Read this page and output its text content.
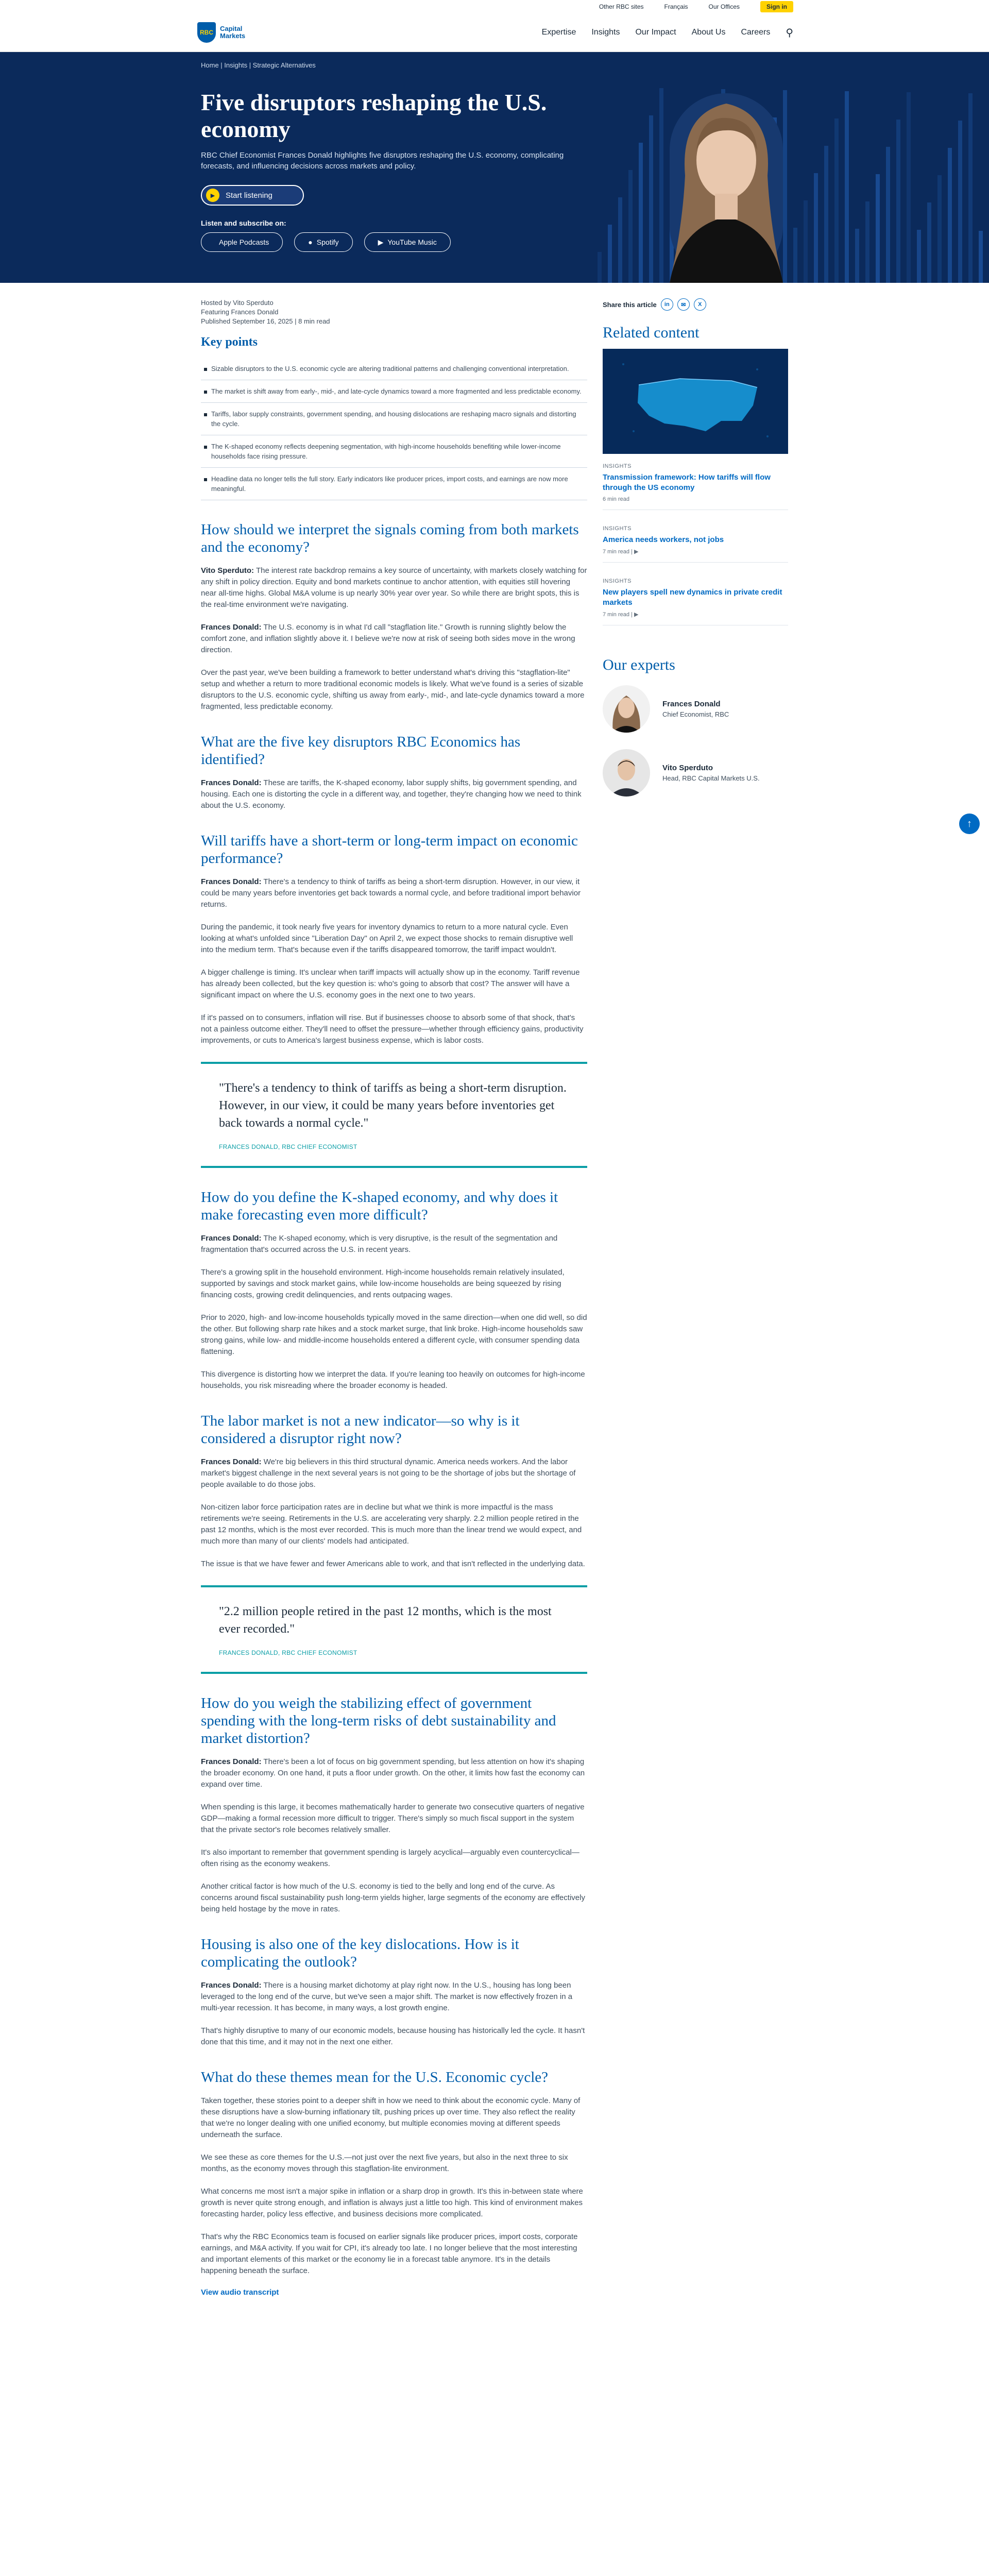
Other RBC sites	Français	Our Offices	Sign in
RBC	Capital Markets	Expertise Insights Our Impact About Us Careers ⚲
Home | Insights | Strategic Alternatives
Five disruptors reshaping the U.S. economy

RBC Chief Economist Frances Donald highlights five disruptors reshaping the U.S. economy, complicating forecasts, and influencing decisions across markets and policy.

▶	Start listening
Listen and subscribe on:
Apple Podcasts	● Spotify	▶ YouTube Music
Hosted by Vito Sperduto
Featuring Frances Donald
Published September 16, 2025 | 8 min read
Key points
Sizable disruptors to the U.S. economic cycle are altering traditional patterns and challenging conventional interpretation.
The market is shift away from early-, mid-, and late-cycle dynamics toward a more fragmented and less predictable economy.
Tariffs, labor supply constraints, government spending, and housing dislocations are reshaping macro signals and distorting the cycle.
The K-shaped economy reflects deepening segmentation, with high-income households benefiting while lower-income households face rising pressure.
Headline data no longer tells the full story. Early indicators like producer prices, import costs, and earnings are now more meaningful.
How should we interpret the signals coming from both markets and the economy?

Vito Sperduto: The interest rate backdrop remains a key source of uncertainty, with markets closely watching for any shift in policy direction. Equity and bond markets continue to anchor attention, with equities still hovering near all-time highs. Global M&A volume is up nearly 30% year over year. So while there are bright spots, this is the real-time environment we're navigating.

Frances Donald: The U.S. economy is in what I'd call "stagflation lite." Growth is running slightly below the comfort zone, and inflation slightly above it. I believe we're now at risk of seeing both sides move in the wrong direction.

Over the past year, we've been building a framework to better understand what's driving this "stagflation-lite" setup and whether a return to more traditional economic models is likely. What we've found is a series of sizable disruptors to the U.S. economic cycle, shifting us away from early-, mid-, and late-cycle dynamics toward a more fragmented, less predictable economy.

What are the five key disruptors RBC Economics has identified?

Frances Donald: These are tariffs, the K-shaped economy, labor supply shifts, big government spending, and housing. Each one is distorting the cycle in a different way, and together, they're changing how we need to think about the U.S. economy.

Will tariffs have a short-term or long-term impact on economic performance?

Frances Donald: There's a tendency to think of tariffs as being a short-term disruption. However, in our view, it could be many years before inventories get back towards a normal cycle, and before traditional import behavior returns.

During the pandemic, it took nearly five years for inventory dynamics to return to a more natural cycle. Even looking at what's unfolded since "Liberation Day" on April 2, we expect those shocks to remain disruptive well into the medium term. That's because even if the tariffs disappeared tomorrow, the tariff impact wouldn't.

A bigger challenge is timing. It's unclear when tariff impacts will actually show up in the economy. Tariff revenue has already been collected, but the key question is: who's going to absorb that cost? The answer will have a significant impact on where the U.S. economy goes in the next one to two years.

If it's passed on to consumers, inflation will rise. But if businesses choose to absorb some of that shock, that's not a painless outcome either. They'll need to offset the pressure—whether through efficiency gains, productivity improvements, or cuts to America's largest business expense, which is labor costs.

"There's a tendency to think of tariffs as being a short-term disruption. However, in our view, it could be many years before inventories get back towards a normal cycle."
FRANCES DONALD, RBC CHIEF ECONOMIST
How do you define the K-shaped economy, and why does it make forecasting even more difficult?

Frances Donald: The K-shaped economy, which is very disruptive, is the result of the segmentation and fragmentation that's occurred across the U.S. in recent years.

There's a growing split in the household environment. High-income households remain relatively insulated, supported by savings and stock market gains, while low-income households are being squeezed by rising financing costs, growing credit delinquencies, and rents outpacing wages.

Prior to 2020, high- and low-income households typically moved in the same direction—when one did well, so did the other. But following sharp rate hikes and a stock market surge, that link broke. High-income households saw strong gains, while low- and middle-income households entered a different cycle, with consumer spending data flattening.

This divergence is distorting how we interpret the data. If you're leaning too heavily on outcomes for high-income households, you risk misreading where the broader economy is headed.

The labor market is not a new indicator—so why is it considered a disruptor right now?

Frances Donald: We're big believers in this third structural dynamic. America needs workers. And the labor market's biggest challenge in the next several years is not going to be the shortage of jobs but the shortage of people available to do those jobs.

Non-citizen labor force participation rates are in decline but what we think is more impactful is the mass retirements we're seeing. Retirements in the U.S. are accelerating very sharply. 2.2 million people retired in the past 12 months, which is the most ever recorded. This is much more than the linear trend we would expect, and much more than many of our clients' models had anticipated.

The issue is that we have fewer and fewer Americans able to work, and that isn't reflected in the underlying data.

"2.2 million people retired in the past 12 months, which is the most ever recorded."
FRANCES DONALD, RBC CHIEF ECONOMIST
How do you weigh the stabilizing effect of government spending with the long-term risks of debt sustainability and market distortion?

Frances Donald: There's been a lot of focus on big government spending, but less attention on how it's shaping the broader economy. On one hand, it puts a floor under growth. On the other, it limits how fast the economy can expand over time.

When spending is this large, it becomes mathematically harder to generate two consecutive quarters of negative GDP—making a formal recession more difficult to trigger. There's simply so much fiscal support in the system that the private sector's role becomes relatively smaller.

It's also important to remember that government spending is largely acyclical—arguably even countercyclical—often rising as the economy weakens.

Another critical factor is how much of the U.S. economy is tied to the belly and long end of the curve. As concerns around fiscal sustainability push long-term yields higher, large segments of the economy are effectively being held hostage by the move in rates.

Housing is also one of the key dislocations. How is it complicating the outlook?

Frances Donald: There is a housing market dichotomy at play right now. In the U.S., housing has long been leveraged to the long end of the curve, but we've seen a major shift. The market is now effectively frozen in a multi-year recession. It has become, in many ways, a lost growth engine.

That's highly disruptive to many of our economic models, because housing has historically led the cycle. It hasn't done that this time, and it may not in the next one either.

What do these themes mean for the U.S. Economic cycle?

Taken together, these stories point to a deeper shift in how we need to think about the economic cycle. Many of these disruptions have a slow-burning inflationary tilt, pushing prices up over time. They also reflect the reality that we're no longer dealing with one unified economy, but multiple economies moving at different speeds underneath the surface.

We see these as core themes for the U.S.—not just over the next five years, but also in the next three to six months, as the economy moves through this stagflation-lite environment.

What concerns me most isn't a major spike in inflation or a sharp drop in growth. It's this in-between state where growth is never quite strong enough, and inflation is always just a little too high. This kind of environment makes forecasting harder, policy less effective, and business decisions more complicated.

That's why the RBC Economics team is focused on earlier signals like producer prices, import costs, corporate earnings, and M&A activity. If you wait for CPI, it's already too late. I no longer believe that the most interesting and important elements of this market or the economy lie in a forecast table anymore. It's in the details happening beneath the surface.

View audio transcript
Share this article	in	✉	X
Related content
INSIGHTS
Transmission framework: How tariffs will flow through the US economy
6 min read
INSIGHTS
America needs workers, not jobs
7 min read | ▶
INSIGHTS
New players spell new dynamics in private credit markets
7 min read | ▶
Our experts
Frances Donald
Chief Economist, RBC
Vito Sperduto
Head, RBC Capital Markets U.S.
↑
